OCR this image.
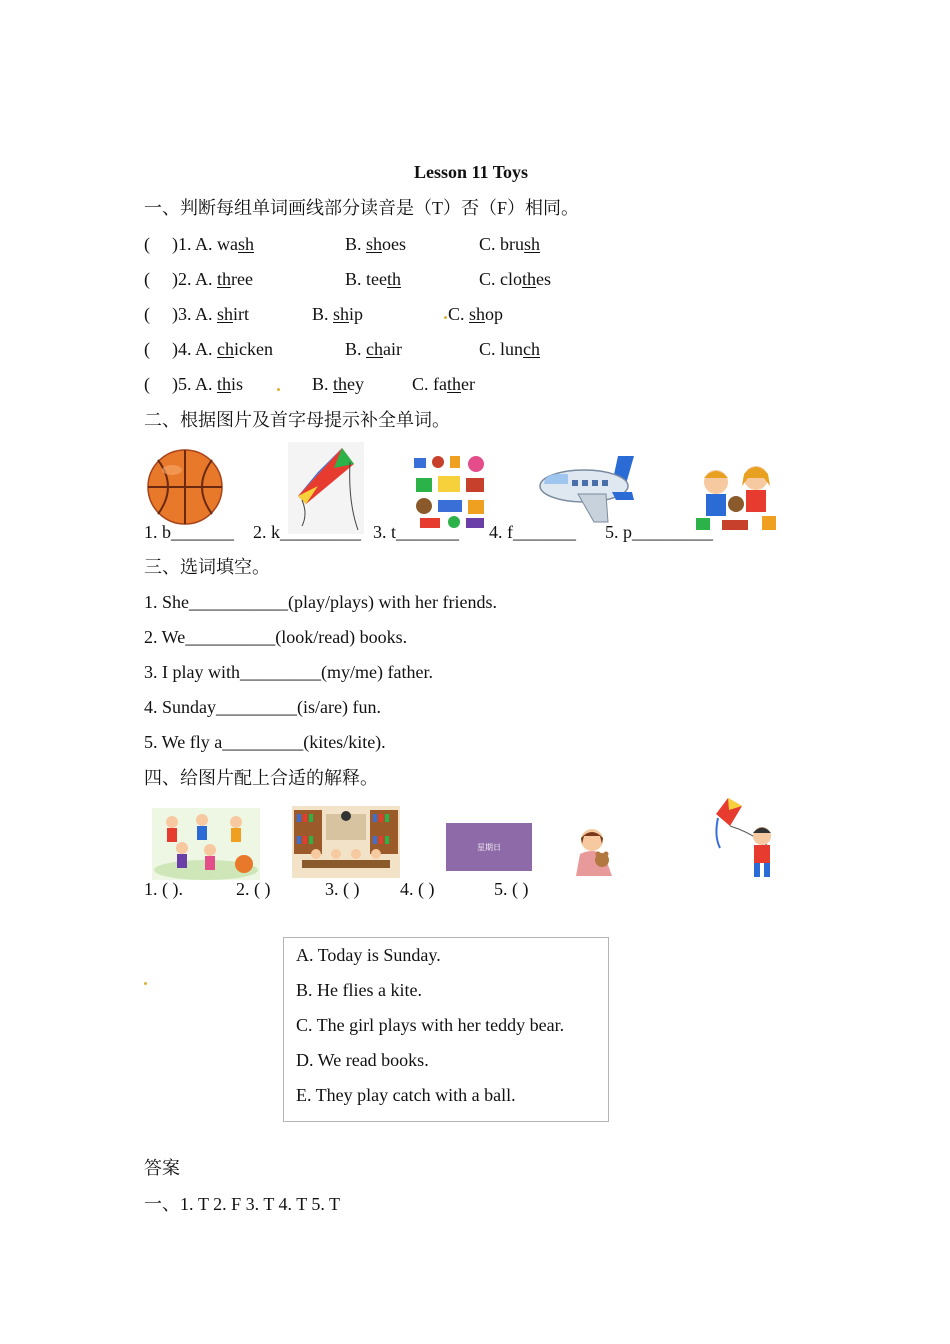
Lesson 11 Toys
一、判断每组单词画线部分读音是（T）否（F）相同。
( )1. A. wash	B. shoes	C. brush
( )2. A. three	B. teeth	C. clothes
( )3. A. shirt	B. ship	C. shop
( )4. A. chicken	B. chair	C. lunch
( )5. A. this	B. they	C. father
二、根据图片及首字母提示补全单词。
1. b_______ 2. k_________ 3. t_______ 4. f_______ 5. p_________
三、选词填空。
1. She___________(play/plays) with her friends.
2. We__________(look/read) books.
3. I play with_________(my/me) father.
4. Sunday_________(is/are) fun.
5. We fly a_________(kites/kite).
四、给图片配上合适的解释。
星期日
1. ( ).	2. ( )	3. ( ) 4. ( )	5. ( )
A. Today is Sunday.
B. He flies a kite.
C. The girl plays with her teddy bear.
D. We read books.
E. They play catch with a ball.
答案
一、1. T 2. F 3. T 4. T 5. T
